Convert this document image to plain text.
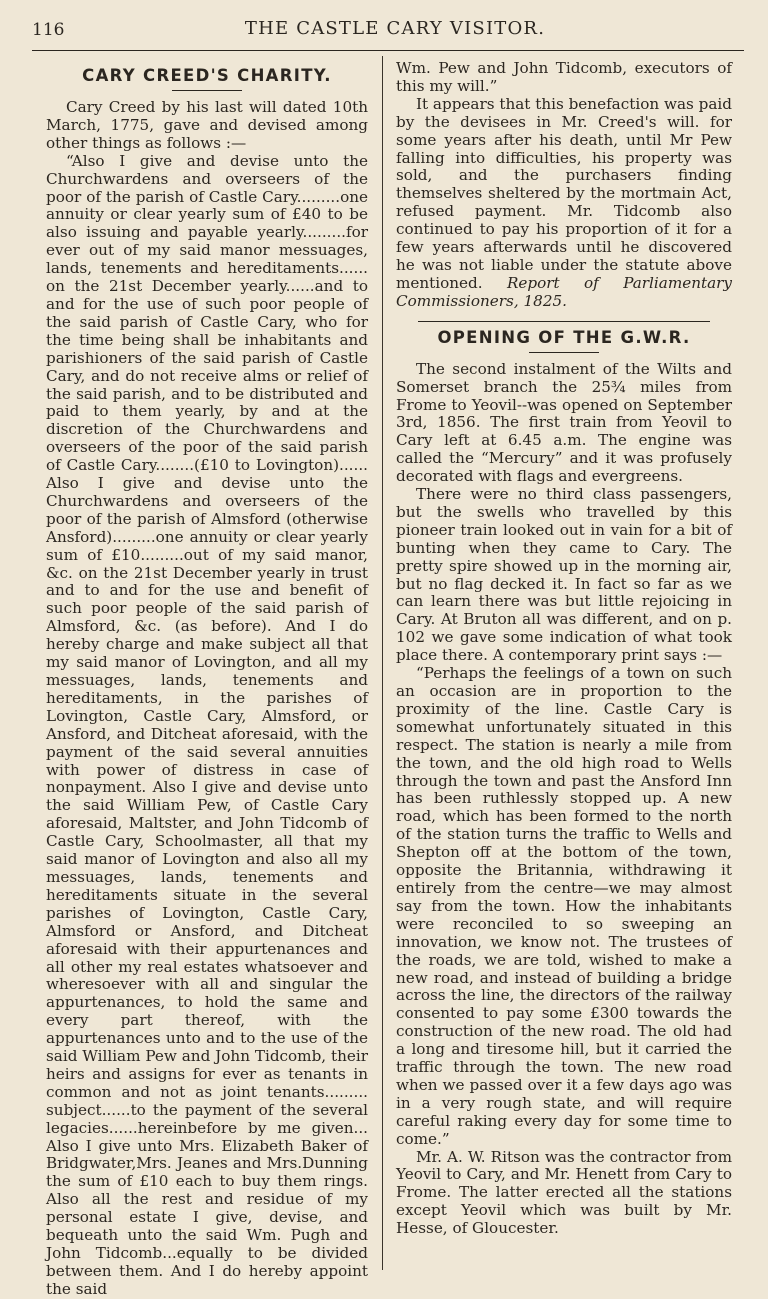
116	THE CASTLE CARY VISITOR.
CARY CREED'S CHARITY.

Cary Creed by his last will dated 10th March, 1775, gave and devised among other things as follows :—

“Also I give and devise unto the Churchwardens and overseers of the poor of the parish of Castle Cary.........one annuity or clear yearly sum of £40 to be also issuing and payable yearly.........for ever out of my said manor messuages, lands, tenements and hereditaments...... on the 21st December yearly......and to and for the use of such poor people of the said parish of Castle Cary, who for the time being shall be inhabitants and parishioners of the said parish of Castle Cary, and do not receive alms or relief of the said parish, and to be distributed and paid to them yearly, by and at the discretion of the Churchwardens and overseers of the poor of the said parish of Castle Cary........(£10 to Lovington)...... Also I give and devise unto the Churchwardens and overseers of the poor of the parish of Almsford (otherwise Ansford).........one annuity or clear yearly sum of £10.........out of my said manor, &c. on the 21st December yearly in trust and to and for the use and benefit of such poor people of the said parish of Almsford, &c. (as before). And I do hereby charge and make subject all that my said manor of Lovington, and all my messuages, lands, tenements and hereditaments, in the parishes of Lovington, Castle Cary, Almsford, or Ansford, and Ditcheat aforesaid, with the payment of the said several annuities with power of distress in case of nonpayment. Also I give and devise unto the said William Pew, of Castle Cary aforesaid, Maltster, and John Tidcomb of Castle Cary, Schoolmaster, all that my said manor of Lovington and also all my messuages, lands, tenements and hereditaments situate in the several parishes of Lovington, Castle Cary, Almsford or Ansford, and Ditcheat aforesaid with their appurtenances and all other my real estates whatsoever and wheresoever with all and singular the appurtenances, to hold the same and every part thereof, with the appurtenances unto and to the use of the said William Pew and John Tidcomb, their heirs and assigns for ever as tenants in common and not as joint tenants......... subject......to the payment of the several legacies......hereinbefore by me given... Also I give unto Mrs. Elizabeth Baker of Bridgwater,Mrs. Jeanes and Mrs.Dunning the sum of £10 each to buy them rings. Also all the rest and residue of my personal estate I give, devise, and bequeath unto the said Wm. Pugh and John Tidcomb...equally to be divided between them. And I do hereby appoint the said

Wm. Pew and John Tidcomb, executors of this my will.”

It appears that this benefaction was paid by the devisees in Mr. Creed's will. for some years after his death, until Mr Pew falling into difficulties, his property was sold, and the purchasers finding themselves sheltered by the mortmain Act, refused payment. Mr. Tidcomb also continued to pay his proportion of it for a few years afterwards until he discovered he was not liable under the statute above mentioned. Report of Parliamentary Commissioners, 1825.

OPENING OF THE G.W.R.

The second instalment of the Wilts and Somerset branch the 25¾ miles from Frome to Yeovil--was opened on September 3rd, 1856. The first train from Yeovil to Cary left at 6.45 a.m. The engine was called the “Mercury” and it was profusely decorated with flags and evergreens.

There were no third class passengers, but the swells who travelled by this pioneer train looked out in vain for a bit of bunting when they came to Cary. The pretty spire showed up in the morning air, but no flag decked it. In fact so far as we can learn there was but little rejoicing in Cary. At Bruton all was different, and on p. 102 we gave some indication of what took place there. A contemporary print says :—

“Perhaps the feelings of a town on such an occasion are in proportion to the proximity of the line. Castle Cary is somewhat unfortunately situated in this respect. The station is nearly a mile from the town, and the old high road to Wells through the town and past the Ansford Inn has been ruthlessly stopped up. A new road, which has been formed to the north of the station turns the traffic to Wells and Shepton off at the bottom of the town, opposite the Britannia, withdrawing it entirely from the centre—we may almost say from the town. How the inhabitants were reconciled to so sweeping an innovation, we know not. The trustees of the roads, we are told, wished to make a new road, and instead of building a bridge across the line, the directors of the railway consented to pay some £300 towards the construction of the new road. The old had a long and tiresome hill, but it carried the traffic through the town. The new road when we passed over it a few days ago was in a very rough state, and will require careful raking every day for some time to come.”

Mr. A. W. Ritson was the contractor from Yeovil to Cary, and Mr. Henett from Cary to Frome. The latter erected all the stations except Yeovil which was built by Mr. Hesse, of Gloucester.
